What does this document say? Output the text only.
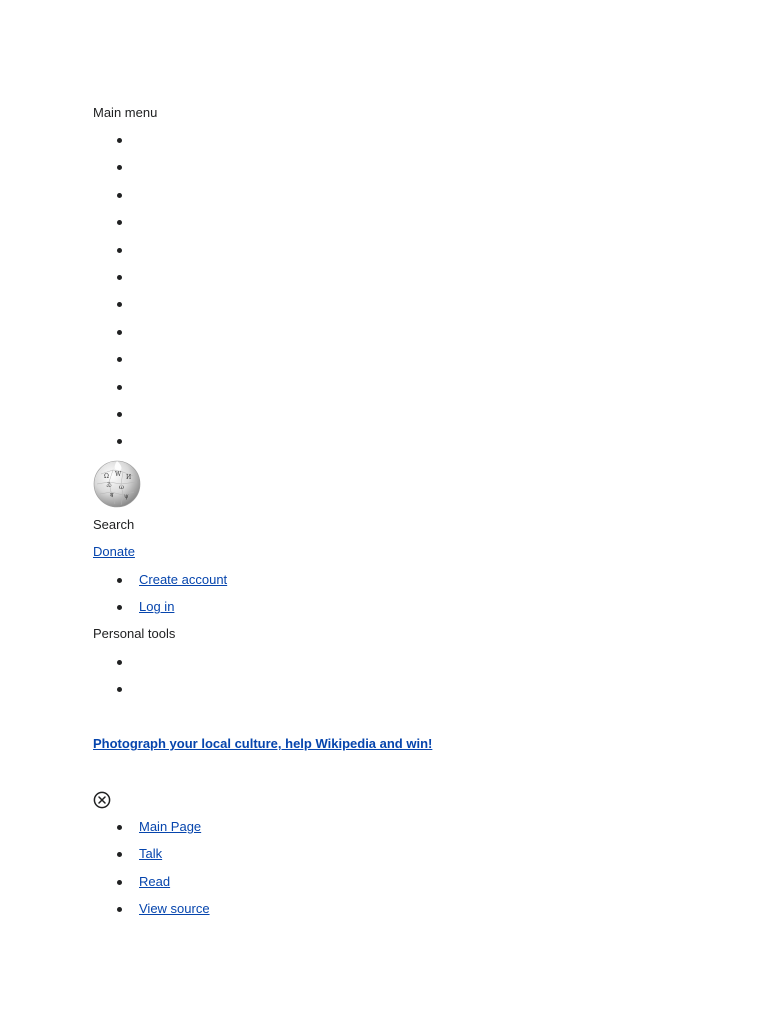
Main menu
Ω W И
ゐ ω
ब ψ
Search
Donate
Create account
Log in
Personal tools
Photograph your local culture, help Wikipedia and win!
Main Page
Talk
Read
View source
